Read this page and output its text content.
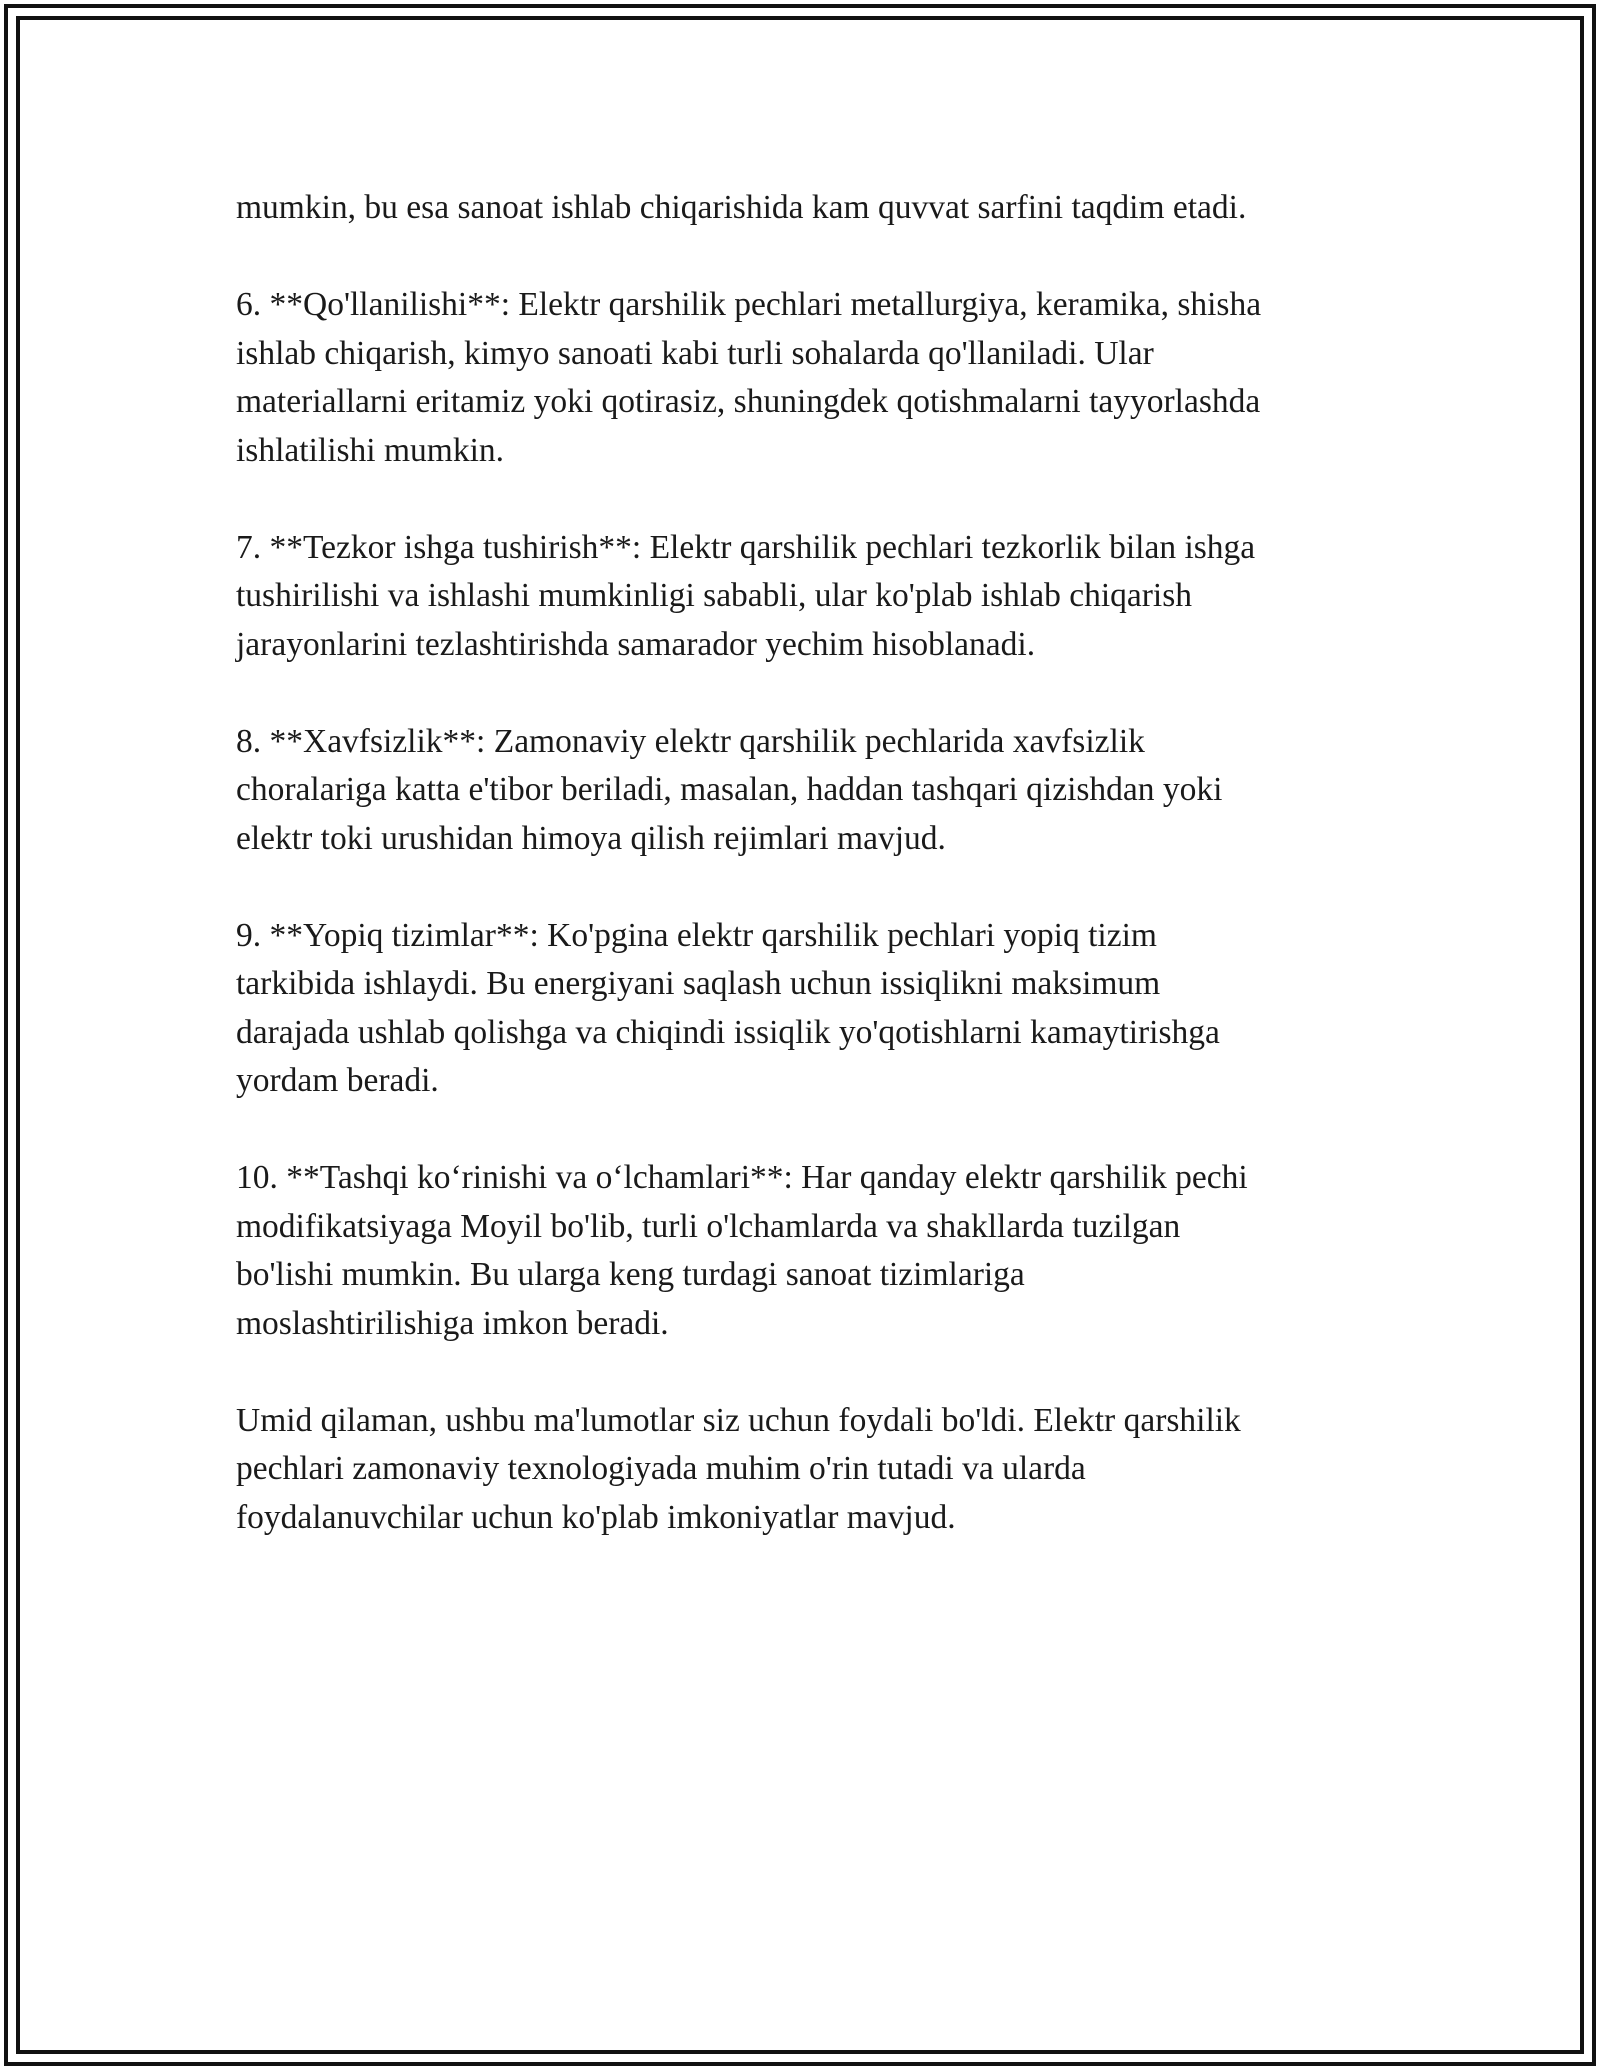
mumkin, bu esa sanoat ishlab chiqarishida kam quvvat sarfini taqdim etadi.

6. **Qo'llanilishi**: Elektr qarshilik pechlari metallurgiya, keramika, shisha
ishlab chiqarish, kimyo sanoati kabi turli sohalarda qo'llaniladi. Ular
materiallarni eritamiz yoki qotirasiz, shuningdek qotishmalarni tayyorlashda
ishlatilishi mumkin.

7. **Tezkor ishga tushirish**: Elektr qarshilik pechlari tezkorlik bilan ishga
tushirilishi va ishlashi mumkinligi sababli, ular ko'plab ishlab chiqarish
jarayonlarini tezlashtirishda samarador yechim hisoblanadi.

8. **Xavfsizlik**: Zamonaviy elektr qarshilik pechlarida xavfsizlik
choralariga katta e'tibor beriladi, masalan, haddan tashqari qizishdan yoki
elektr toki urushidan himoya qilish rejimlari mavjud.

9. **Yopiq tizimlar**: Ko'pgina elektr qarshilik pechlari yopiq tizim
tarkibida ishlaydi. Bu energiyani saqlash uchun issiqlikni maksimum
darajada ushlab qolishga va chiqindi issiqlik yo'qotishlarni kamaytirishga
yordam beradi.

10. **Tashqi ko‘rinishi va o‘lchamlari**: Har qanday elektr qarshilik pechi
modifikatsiyaga Moyil bo'lib, turli o'lchamlarda va shakllarda tuzilgan
bo'lishi mumkin. Bu ularga keng turdagi sanoat tizimlariga
moslashtirilishiga imkon beradi.

Umid qilaman, ushbu ma'lumotlar siz uchun foydali bo'ldi. Elektr qarshilik
pechlari zamonaviy texnologiyada muhim o'rin tutadi va ularda
foydalanuvchilar uchun ko'plab imkoniyatlar mavjud.
